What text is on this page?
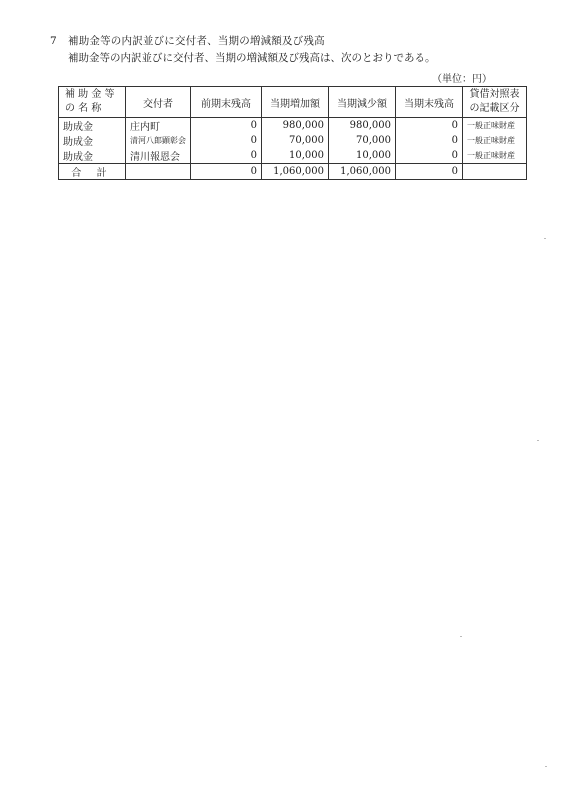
7 補助金等の内訳並びに交付者、当期の増減額及び残高
補助金等の内訳並びに交付者、当期の増減額及び残高は、次のとおりである。
（単位：円）
補 助 金 等
の 名 称	交付者	前期末残高	当期増加額	当期減少額	当期末残高	貸借対照表
の記載区分
助成金	庄内町	0	980,000	980,000	0	一般正味財産
助成金	清河八郎顕彰会	0	70,000	70,000	0	一般正味財産
助成金	清川報恩会	0	10,000	10,000	0	一般正味財産
合 計		0	1,060,000	1,060,000	0	
